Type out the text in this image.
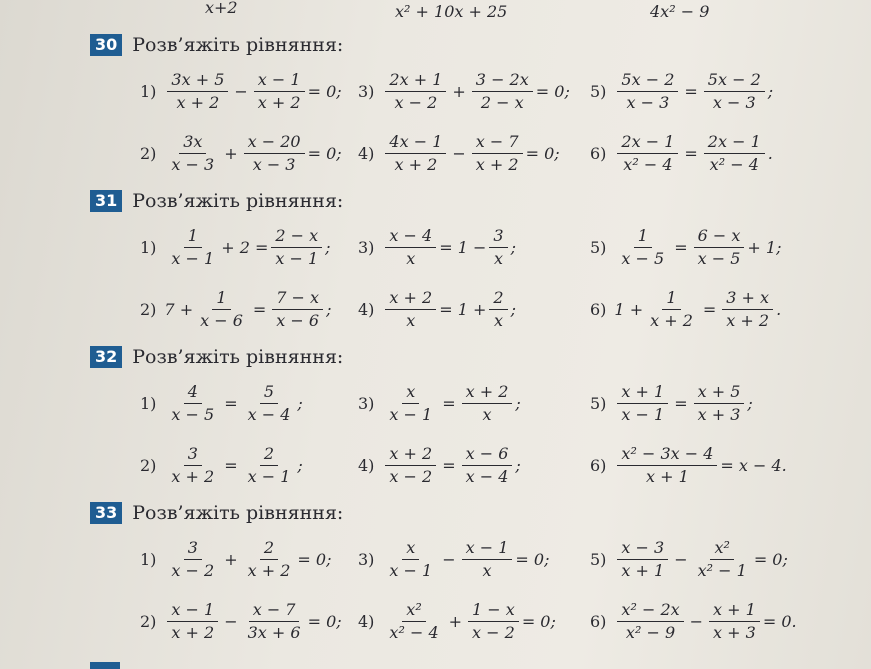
x+2	x² + 10x + 25	4x² − 9
30 Розв’яжіть рівняння:
$1) \frac{3x + 5}{x + 2} - \frac{x - 1}{x + 2} = 0$; $3) \frac{2x + 1}{x - 2} + \frac{3 - 2x}{2 - x} = 0$; $5) \frac{5x - 2}{x - 3} = \frac{5x - 2}{x - 3}$ ;
$2) \frac{3x}{x - 3} + \frac{x - 20}{x - 3} = 0$; $4) \frac{4x - 1}{x + 2} - \frac{x - 7}{x + 2} = 0$; $6) \frac{2x - 1}{\text{x² − 4}} = \frac{2x - 1}{\text{x² − 4}}$ .
31 Розв’яжіть рівняння:
$1) \frac{1}{x - 1} + 2 = \frac{2 - x}{x - 1}$ ; $3) \frac{x - 4}{x} = 1 - \frac{3}{x}$ ;	$5) \frac{1}{x - 5} = \frac{6 - x}{x - 5} + 1$;
2) $7 + \frac{1}{x - 6} = \frac{7 - x}{x - 6}$ ; $4) \frac{x + 2}{x} = 1 + \frac{2}{x}$ ;	6) $1 + \frac{1}{x + 2} = \frac{3 + x}{x + 2}$ .
32 Розв’яжіть рівняння:
$1) \frac{4}{x - 5} = \frac{5}{x - 4}$ ;	$3) \frac{x}{x - 1} = \frac{x + 2}{x}$ ;	$5) \frac{x + 1}{x - 1} = \frac{x + 5}{x + 3}$ ;
$2) \frac{3}{x + 2} = \frac{2}{x - 1}$ ;	$4) \frac{x + 2}{x - 2} = \frac{x - 6}{x - 4}$ ;	$6) \frac{\text{x² − 3x − 4}}{x + 1} = x - 4$.
33 Розв’яжіть рівняння:
$1) \frac{3}{x - 2} + \frac{2}{x + 2} = 0$; $3) \frac{x}{x - 1} - \frac{x - 1}{x} = 0$;	$5) \frac{x - 3}{x + 1} - \frac{\text{x²}}{\text{x² − 1}} = 0$;
$2) \frac{x - 1}{x + 2} - \frac{x - 7}{3x + 6} = 0$; $4) \frac{\text{x²}}{\text{x² − 4}} + \frac{1 - x}{x - 2} = 0$; $6) \frac{\text{x² − 2x}}{\text{x² − 9}} - \frac{x + 1}{x + 3} = 0$.
